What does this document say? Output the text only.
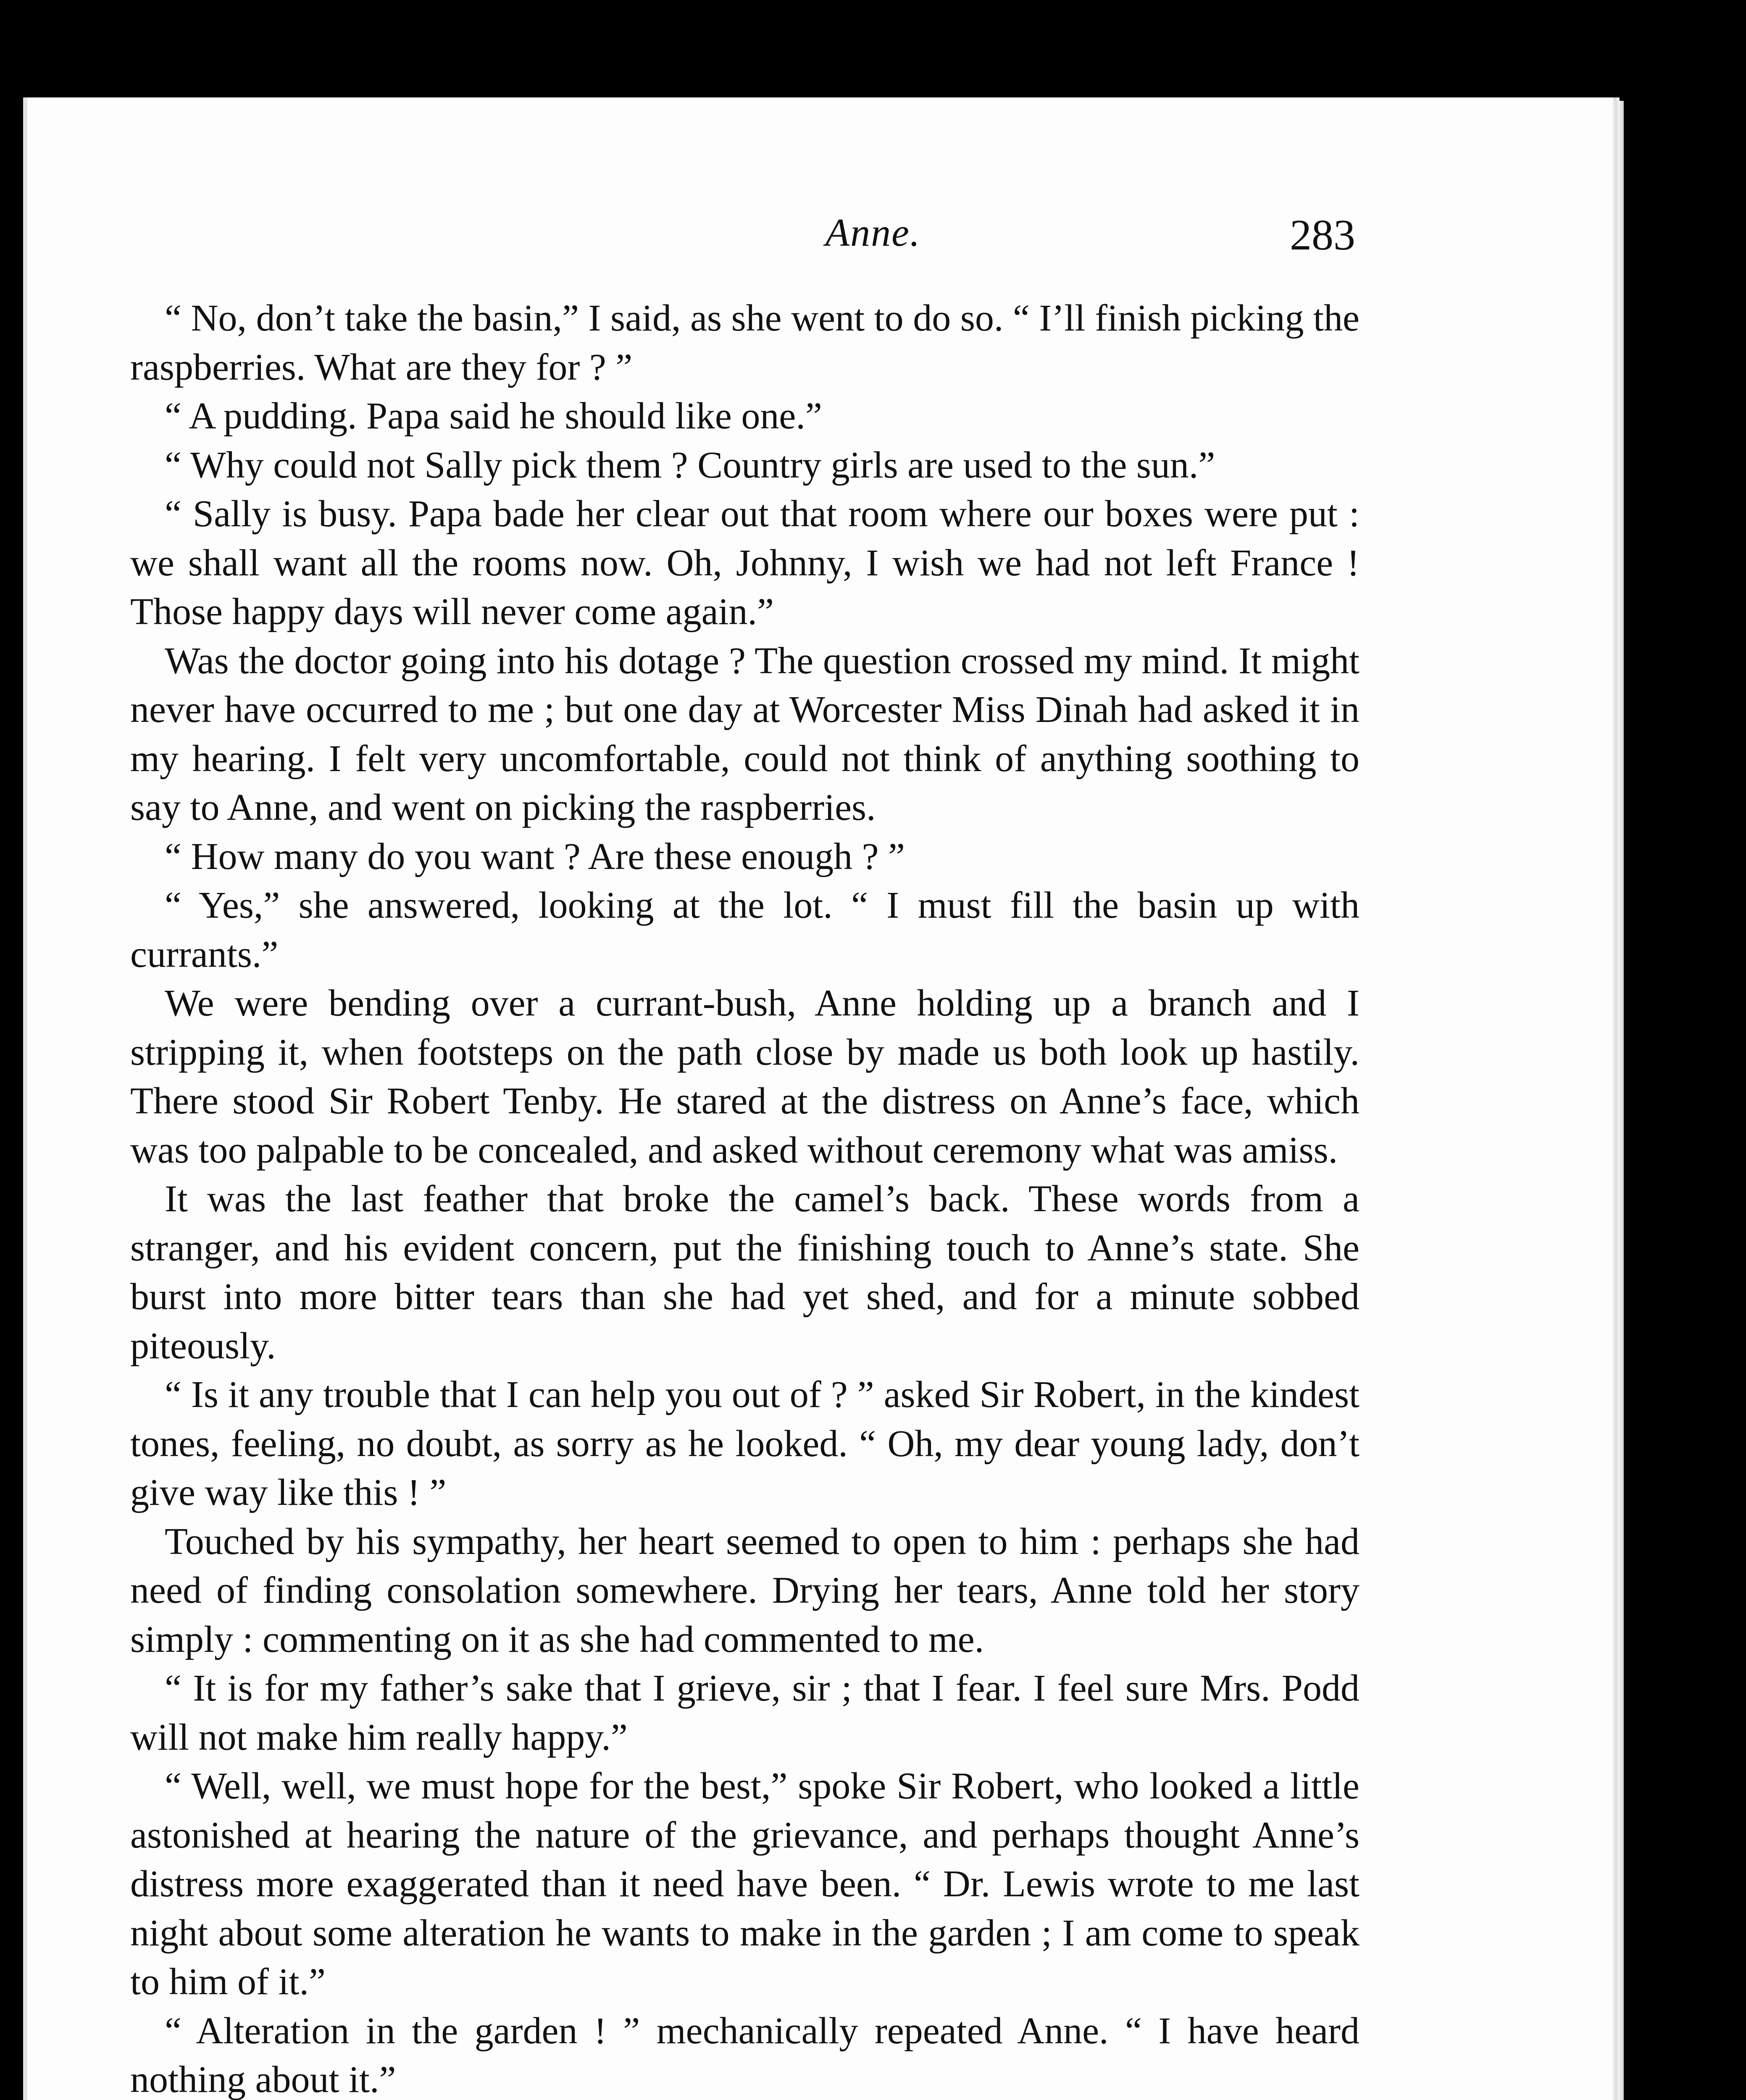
Anne.	283

“ No, don’t take the basin,” I said, as she went to do so. “ I’ll finish picking the raspberries. What are they for ? ”

“ A pudding. Papa said he should like one.”

“ Why could not Sally pick them ? Country girls are used to the sun.”

“ Sally is busy. Papa bade her clear out that room where our boxes were put : we shall want all the rooms now. Oh, Johnny, I wish we had not left France ! Those happy days will never come again.”

Was the doctor going into his dotage ? The question crossed my mind. It might never have occurred to me ; but one day at Worcester Miss Dinah had asked it in my hearing. I felt very uncomfortable, could not think of anything soothing to say to Anne, and went on picking the raspberries.

“ How many do you want ? Are these enough ? ”

“ Yes,” she answered, looking at the lot. “ I must fill the basin up with currants.”

We were bending over a currant-bush, Anne holding up a branch and I stripping it, when footsteps on the path close by made us both look up hastily. There stood Sir Robert Tenby. He stared at the distress on Anne’s face, which was too palpable to be concealed, and asked without ceremony what was amiss.

It was the last feather that broke the camel’s back. These words from a stranger, and his evident concern, put the finishing touch to Anne’s state. She burst into more bitter tears than she had yet shed, and for a minute sobbed piteously.

“ Is it any trouble that I can help you out of ? ” asked Sir Robert, in the kindest tones, feeling, no doubt, as sorry as he looked. “ Oh, my dear young lady, don’t give way like this ! ”

Touched by his sympathy, her heart seemed to open to him : perhaps she had need of finding consolation somewhere. Drying her tears, Anne told her story simply : commenting on it as she had commented to me.

“ It is for my father’s sake that I grieve, sir ; that I fear. I feel sure Mrs. Podd will not make him really happy.”

“ Well, well, we must hope for the best,” spoke Sir Robert, who looked a little astonished at hearing the nature of the grievance, and perhaps thought Anne’s distress more exaggerated than it need have been. “ Dr. Lewis wrote to me last night about some alteration he wants to make in the garden ; I am come to speak to him of it.”

“ Alteration in the garden ! ” mechanically repeated Anne. “ I have heard nothing about it.”
